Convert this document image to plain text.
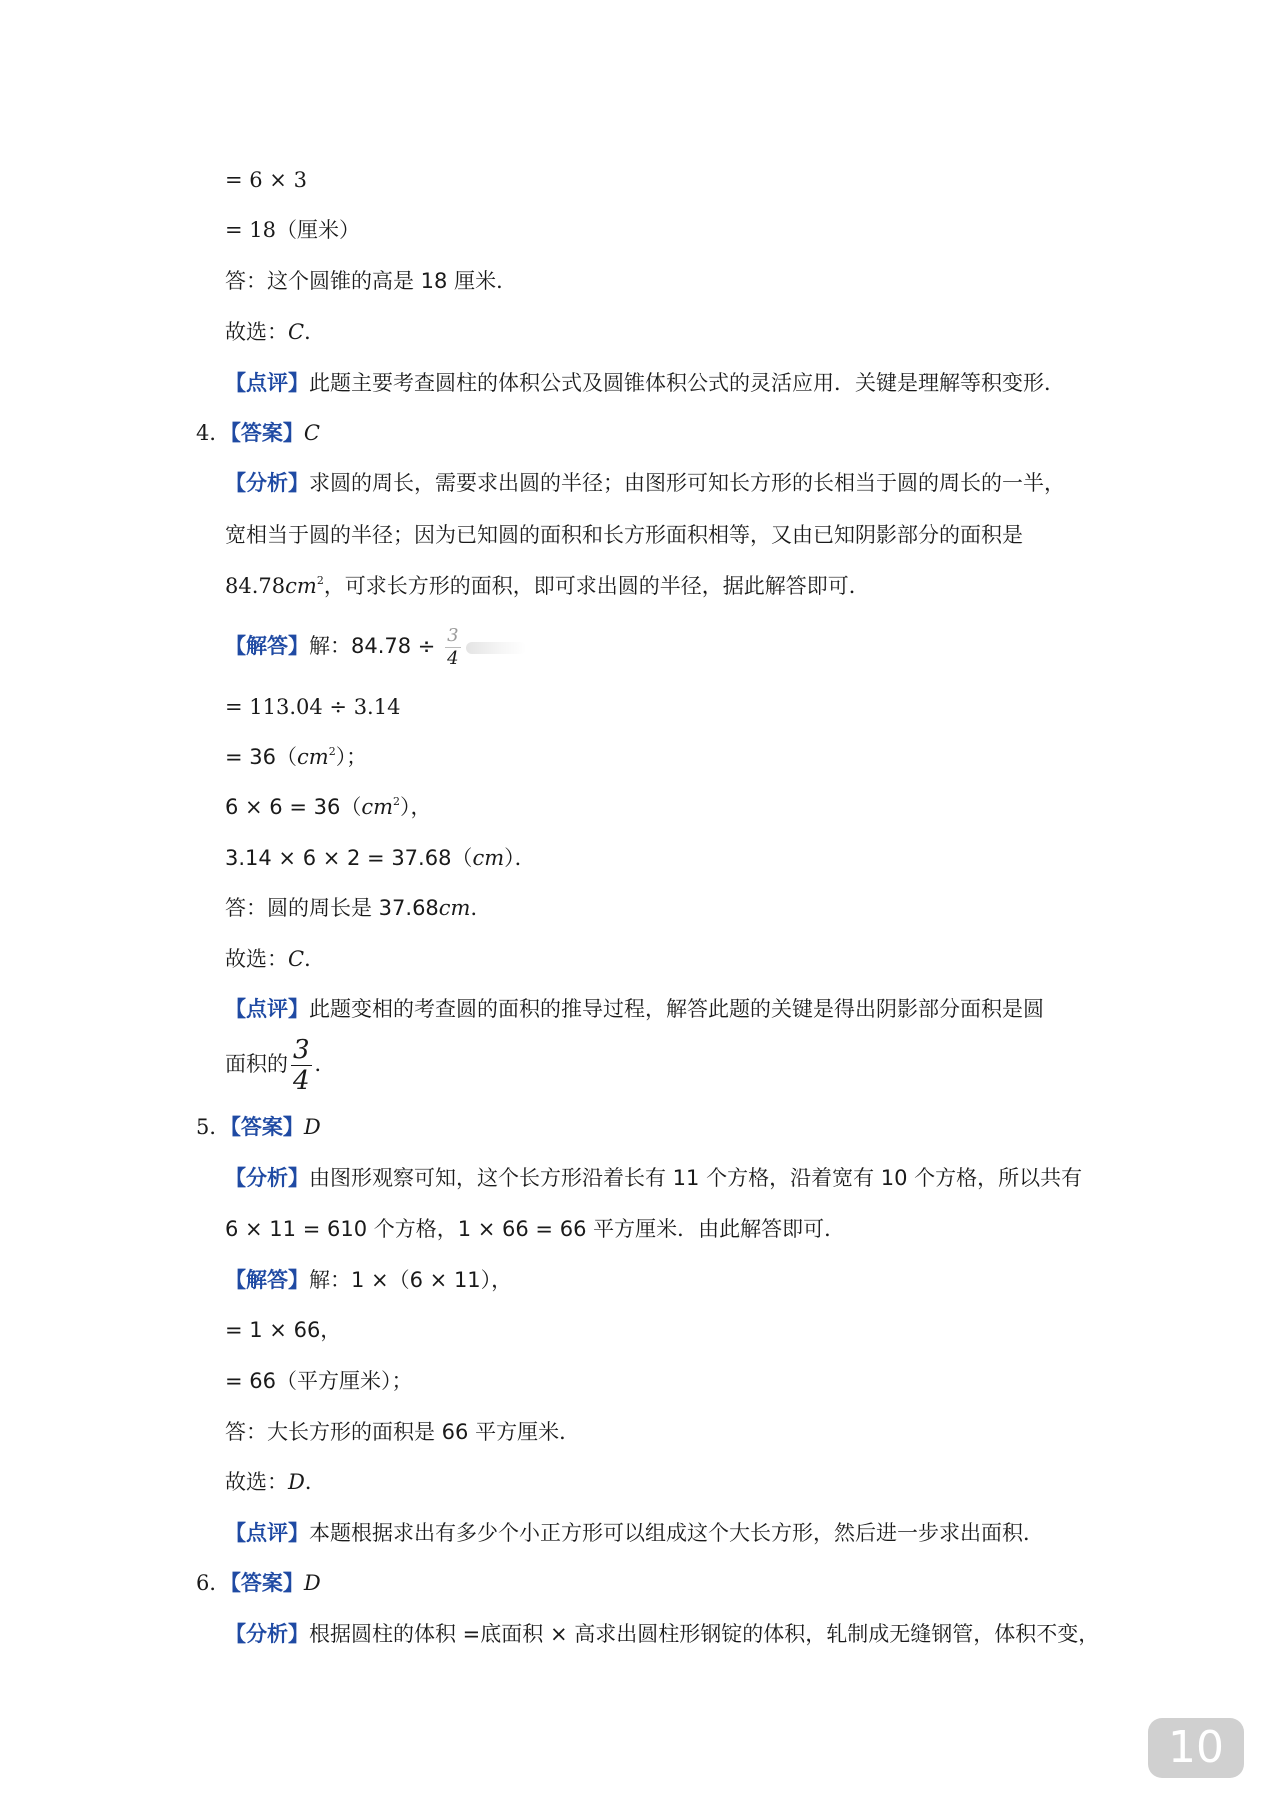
= 6 × 3
= 18（厘米）
答：这个圆锥的高是 18 厘米．
故选：C．
【点评】此题主要考查圆柱的体积公式及圆锥体积公式的灵活应用．关键是理解等积变形．
4．【答案】C
【分析】求圆的周长，需要求出圆的半径；由图形可知长方形的长相当于圆的周长的一半，
宽相当于圆的半径；因为已知圆的面积和长方形面积相等，又由已知阴影部分的面积是
$84.78cm^2$，可求长方形的面积，即可求出圆的半径，据此解答即可．
【解答】解：$84.78 \div \frac{3}{4}$
= 113.04 ÷ 3.14
= $36(cm^2)$；
$6 \times 6 = 36(cm^2)$，
3.14 × 6 × 2 = 37.68（cm）．
答：圆的周长是 37.68cm．
故选：C．
【点评】此题变相的考查圆的面积的推导过程，解答此题的关键是得出阴影部分面积是圆
面积的 $\frac{3}{4}$ ．
5．【答案】D
【分析】由图形观察可知，这个长方形沿着长有 11 个方格，沿着宽有 10 个方格，所以共有
6 × 11 = 610 个方格，1 × 66 = 66 平方厘米．由此解答即可．
【解答】解：1 ×（6 × 11），
= 1 × 66，
= 66（平方厘米）；
答：大长方形的面积是 66 平方厘米．
故选：D．
【点评】本题根据求出有多少个小正方形可以组成这个大长方形，然后进一步求出面积．
6．【答案】D
【分析】根据圆柱的体积 =底面积 × 高求出圆柱形钢锭的体积，轧制成无缝钢管，体积不变，
10
